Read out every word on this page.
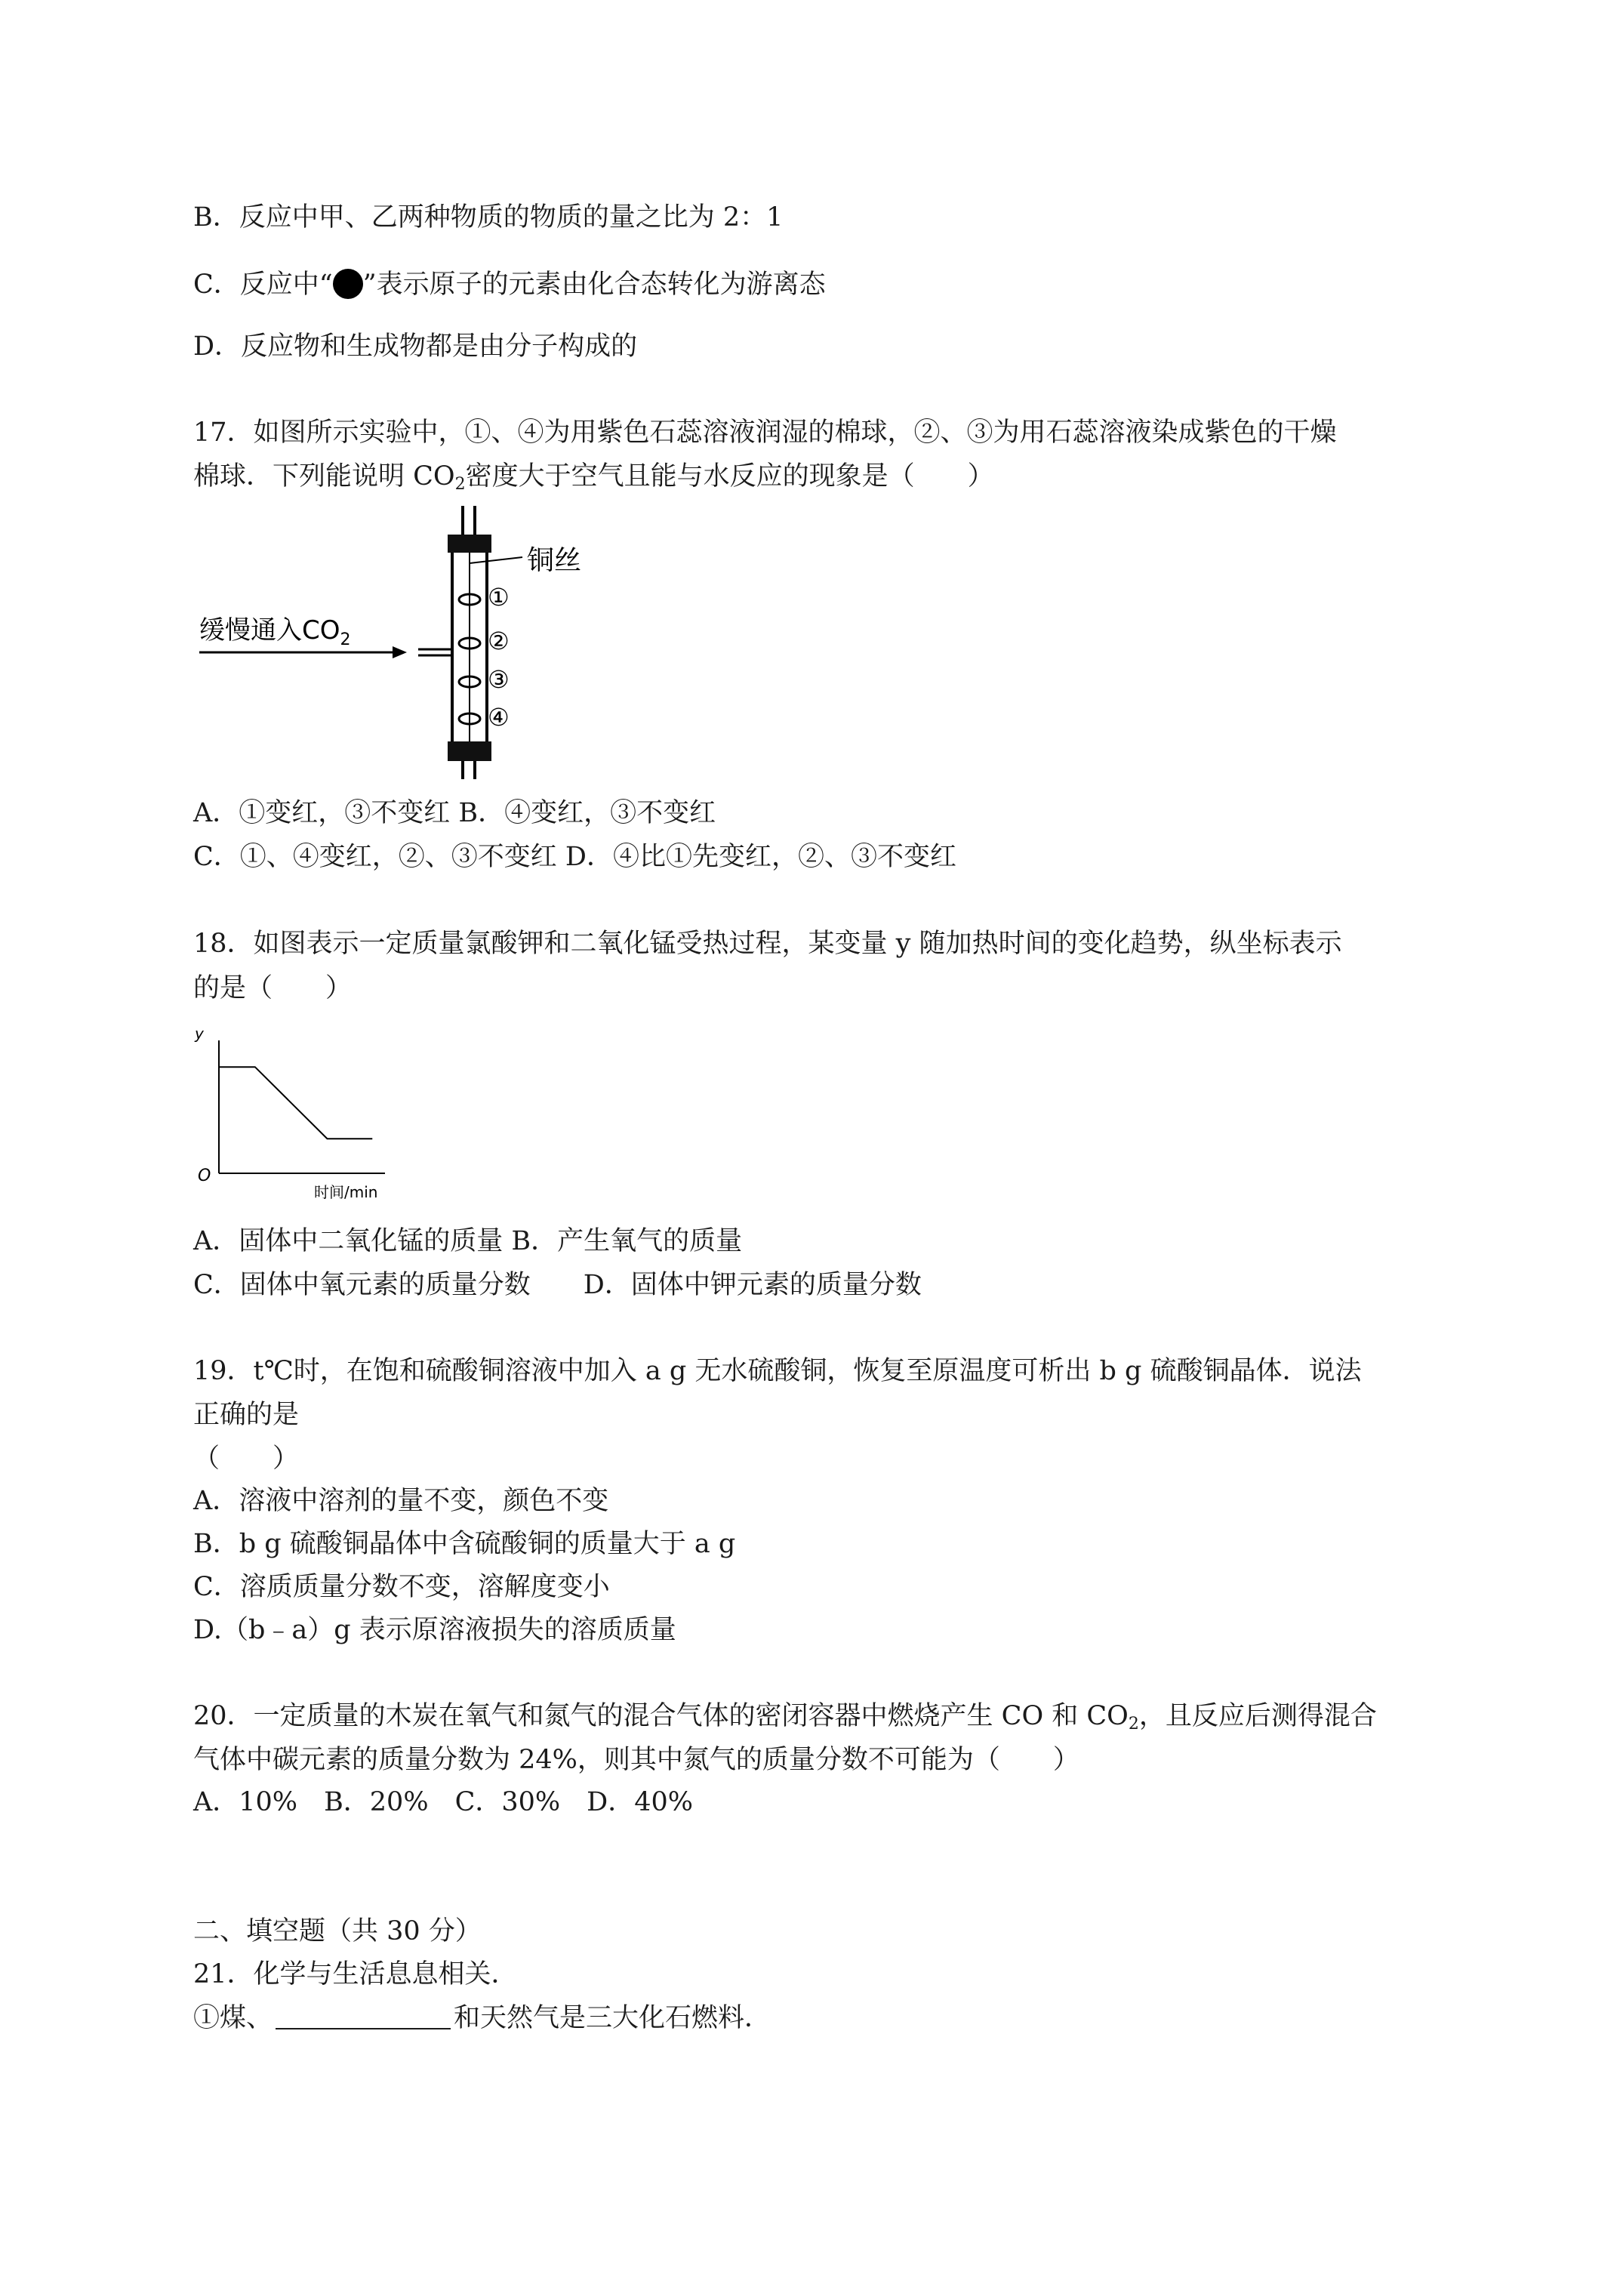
B．反应中甲、乙两种物质的物质的量之比为 2：1
C．反应中“ ”表示原子的元素由化合态转化为游离态
D．反应物和生成物都是由分子构成的
17．如图所示实验中，①、④为用紫色石蕊溶液润湿的棉球，②、③为用石蕊溶液染成紫色的干燥
棉球．下列能说明 $CO_2$密度大于空气且能与水反应的现象是（　　）
①
②
③
④
铜丝
缓慢通入$CO_2$
A．①变红，③不变红 B．④变红，③不变红
C．①、④变红，②、③不变红 D．④比①先变红，②、③不变红
18．如图表示一定质量氯酸钾和二氧化锰受热过程，某变量 y 随加热时间的变化趋势，纵坐标表示
的是（　　）
y
O
时间/min
A．固体中二氧化锰的质量 B．产生氧气的质量
C．固体中氧元素的质量分数　　D．固体中钾元素的质量分数
19．t℃时，在饱和硫酸铜溶液中加入 a g 无水硫酸铜，恢复至原温度可析出 b g 硫酸铜晶体．说法
正确的是
（　　）
A．溶液中溶剂的量不变，颜色不变
B．b g 硫酸铜晶体中含硫酸铜的质量大于 a g
C．溶质质量分数不变，溶解度变小
D.（b﹣a）g 表示原溶液损失的溶质质量
20．一定质量的木炭在氧气和氮气的混合气体的密闭容器中燃烧产生 CO 和 $CO_2$，且反应后测得混合
气体中碳元素的质量分数为 24%，则其中氮气的质量分数不可能为（　　）
A．10%　B．20%　C．30%　D．40%
二、填空题（共 30 分）
21．化学与生活息息相关．
①煤、	和天然气是三大化石燃料．
